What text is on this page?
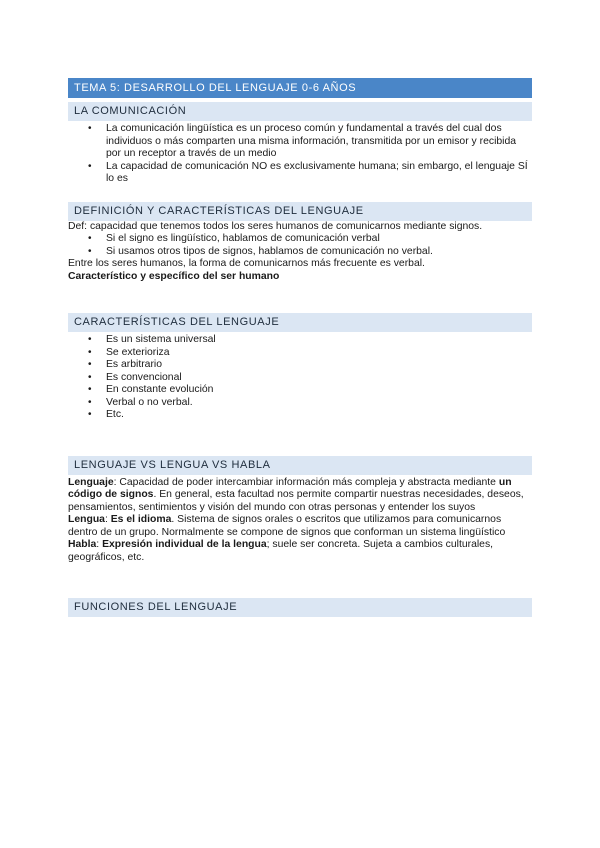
TEMA 5: DESARROLLO DEL LENGUAJE 0-6 AÑOS
LA COMUNICACIÓN
• La comunicación lingüística es un proceso común y fundamental a través del cual dos individuos o más comparten una misma información, transmitida por un emisor y recibida por un receptor a través de un medio
• La capacidad de comunicación NO es exclusivamente humana; sin embargo, el lenguaje SÍ lo es
DEFINICIÓN Y CARACTERÍSTICAS DEL LENGUAJE

Def: capacidad que tenemos todos los seres humanos de comunicarnos mediante signos.

• Si el signo es lingüístico, hablamos de comunicación verbal
• Si usamos otros tipos de signos, hablamos de comunicación no verbal.

Entre los seres humanos, la forma de comunicarnos más frecuente es verbal.

Característico y específico del ser humano

CARACTERÍSTICAS DEL LENGUAJE
• Es un sistema universal
• Se exterioriza
• Es arbitrario
• Es convencional
• En constante evolución
• Verbal o no verbal.
• Etc.
LENGUAJE VS LENGUA VS HABLA

Lenguaje: Capacidad de poder intercambiar información más compleja y abstracta mediante un código de signos. En general, esta facultad nos permite compartir nuestras necesidades, deseos, pensamientos, sentimientos y visión del mundo con otras personas y entender los suyos

Lengua: Es el idioma. Sistema de signos orales o escritos que utilizamos para comunicarnos dentro de un grupo. Normalmente se compone de signos que conforman un sistema lingüístico

Habla: Expresión individual de la lengua; suele ser concreta. Sujeta a cambios culturales, geográficos, etc.

FUNCIONES DEL LENGUAJE
